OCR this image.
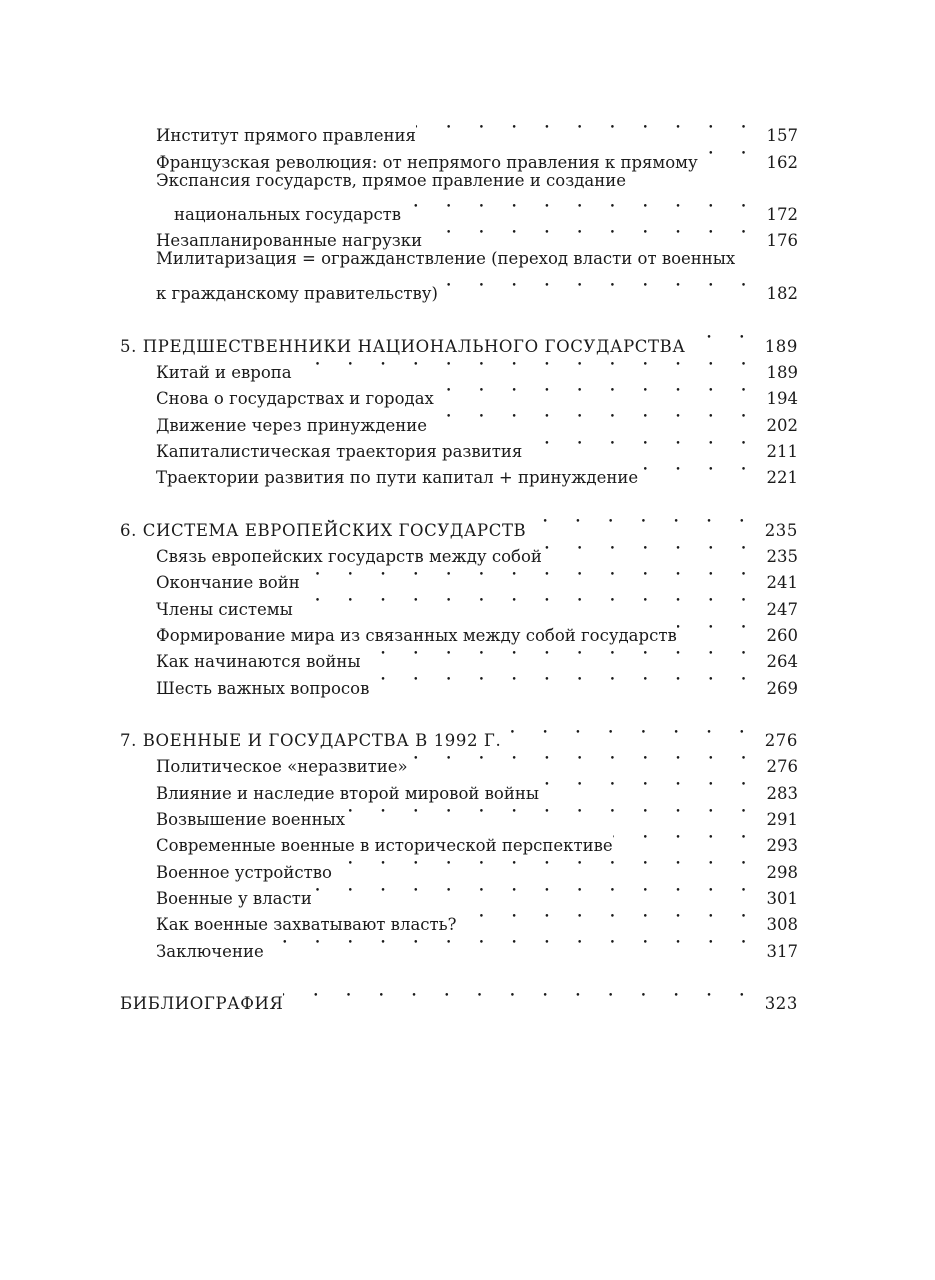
Институт прямого правления • • •	157
Французская революция: от непрямого правления к прямому • • •	162
Экспансия государств, прямое правление и создание
национальных государств • • •	172
Незапланированные нагрузки • • •	176
Милитаризация = огражданствление (переход власти от военных
к гражданскому правительству) • • •	182
5. ПРЕДШЕСТВЕННИКИ НАЦИОНАЛЬНОГО ГОСУДАРСТВА • • •	189
Китай и европа • • •	189
Снова о государствах и городах • • •	194
Движение через принуждение • • •	202
Капиталистическая траектория развития • • •	211
Траектории развития по пути капитал + принуждение • • •	221
6. СИСТЕМА ЕВРОПЕЙСКИХ ГОСУДАРСТВ • • •	235
Связь европейских государств между собой • • •	235
Окончание войн • • •	241
Члены системы • • •	247
Формирование мира из связанных между собой государств • • •	260
Как начинаются войны • • •	264
Шесть важных вопросов • • •	269
7. ВОЕННЫЕ И ГОСУДАРСТВА В 1992 Г. • • •	276
Политическое «неразвитие» • • •	276
Влияние и наследие второй мировой войны • • •	283
Возвышение военных • • •	291
Современные военные в исторической перспективе • • •	293
Военное устройство • • •	298
Военные у власти • • •	301
Как военные захватывают власть? • • •	308
Заключение • • •	317
БИБЛИОГРАФИЯ • • •	323
